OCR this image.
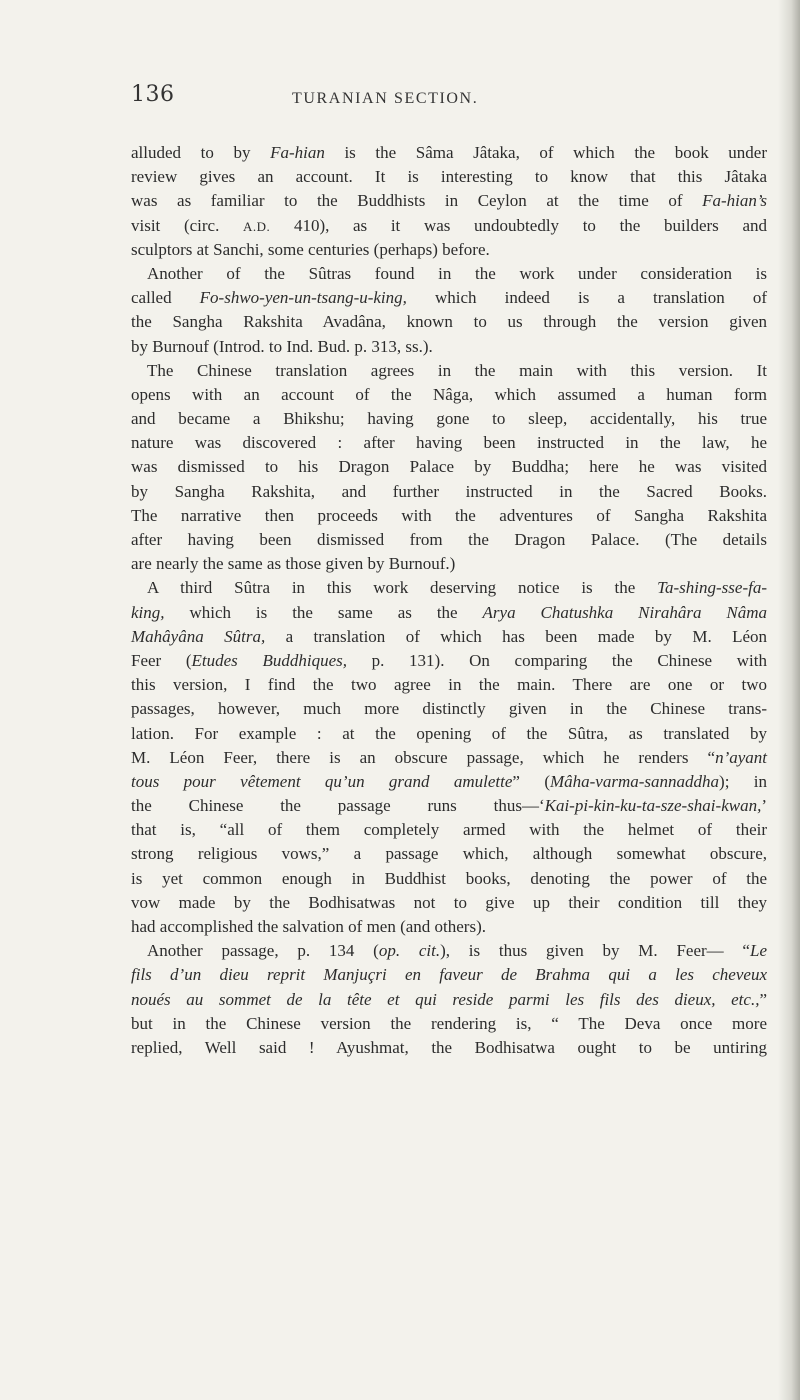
136	TURANIAN SECTION.
alluded to by Fa-hian is the Sâma Jâtaka, of which the book under
review gives an account. It is interesting to know that this Jâtaka
was as familiar to the Buddhists in Ceylon at the time of Fa-hian’s
visit (circ. A.D. 410), as it was undoubtedly to the builders and
sculptors at Sanchi, some centuries (perhaps) before.
Another of the Sûtras found in the work under consideration is
called Fo-shwo-yen-un-tsang-u-king, which indeed is a translation of
the Sangha Rakshita Avadâna, known to us through the version given
by Burnouf (Introd. to Ind. Bud. p. 313, ss.).
The Chinese translation agrees in the main with this version. It
opens with an account of the Nâga, which assumed a human form
and became a Bhikshu; having gone to sleep, accidentally, his true
nature was discovered : after having been instructed in the law, he
was dismissed to his Dragon Palace by Buddha; here he was visited
by Sangha Rakshita, and further instructed in the Sacred Books.
The narrative then proceeds with the adventures of Sangha Rakshita
after having been dismissed from the Dragon Palace. (The details
are nearly the same as those given by Burnouf.)
A third Sûtra in this work deserving notice is the Ta-shing-sse-fa-
king, which is the same as the Arya Chatushka Nirahâra Nâma
Mahâyâna Sûtra, a translation of which has been made by M. Léon
Feer (Etudes Buddhiques, p. 131). On comparing the Chinese with
this version, I find the two agree in the main. There are one or two
passages, however, much more distinctly given in the Chinese trans-
lation. For example : at the opening of the Sûtra, as translated by
M. Léon Feer, there is an obscure passage, which he renders “n’ayant
tous pour vêtement qu’un grand amulette” (Mâha-varma-sannaddha); in
the Chinese the passage runs thus—‘Kai-pi-kin-ku-ta-sze-shai-kwan,’
that is, “all of them completely armed with the helmet of their
strong religious vows,” a passage which, although somewhat obscure,
is yet common enough in Buddhist books, denoting the power of the
vow made by the Bodhisatwas not to give up their condition till they
had accomplished the salvation of men (and others).
Another passage, p. 134 (op. cit.), is thus given by M. Feer— “Le
fils d’un dieu reprit Manjuçri en faveur de Brahma qui a les cheveux
noués au sommet de la tête et qui reside parmi les fils des dieux, etc.,”
but in the Chinese version the rendering is, “ The Deva once more
replied, Well said ! Ayushmat, the Bodhisatwa ought to be untiring
